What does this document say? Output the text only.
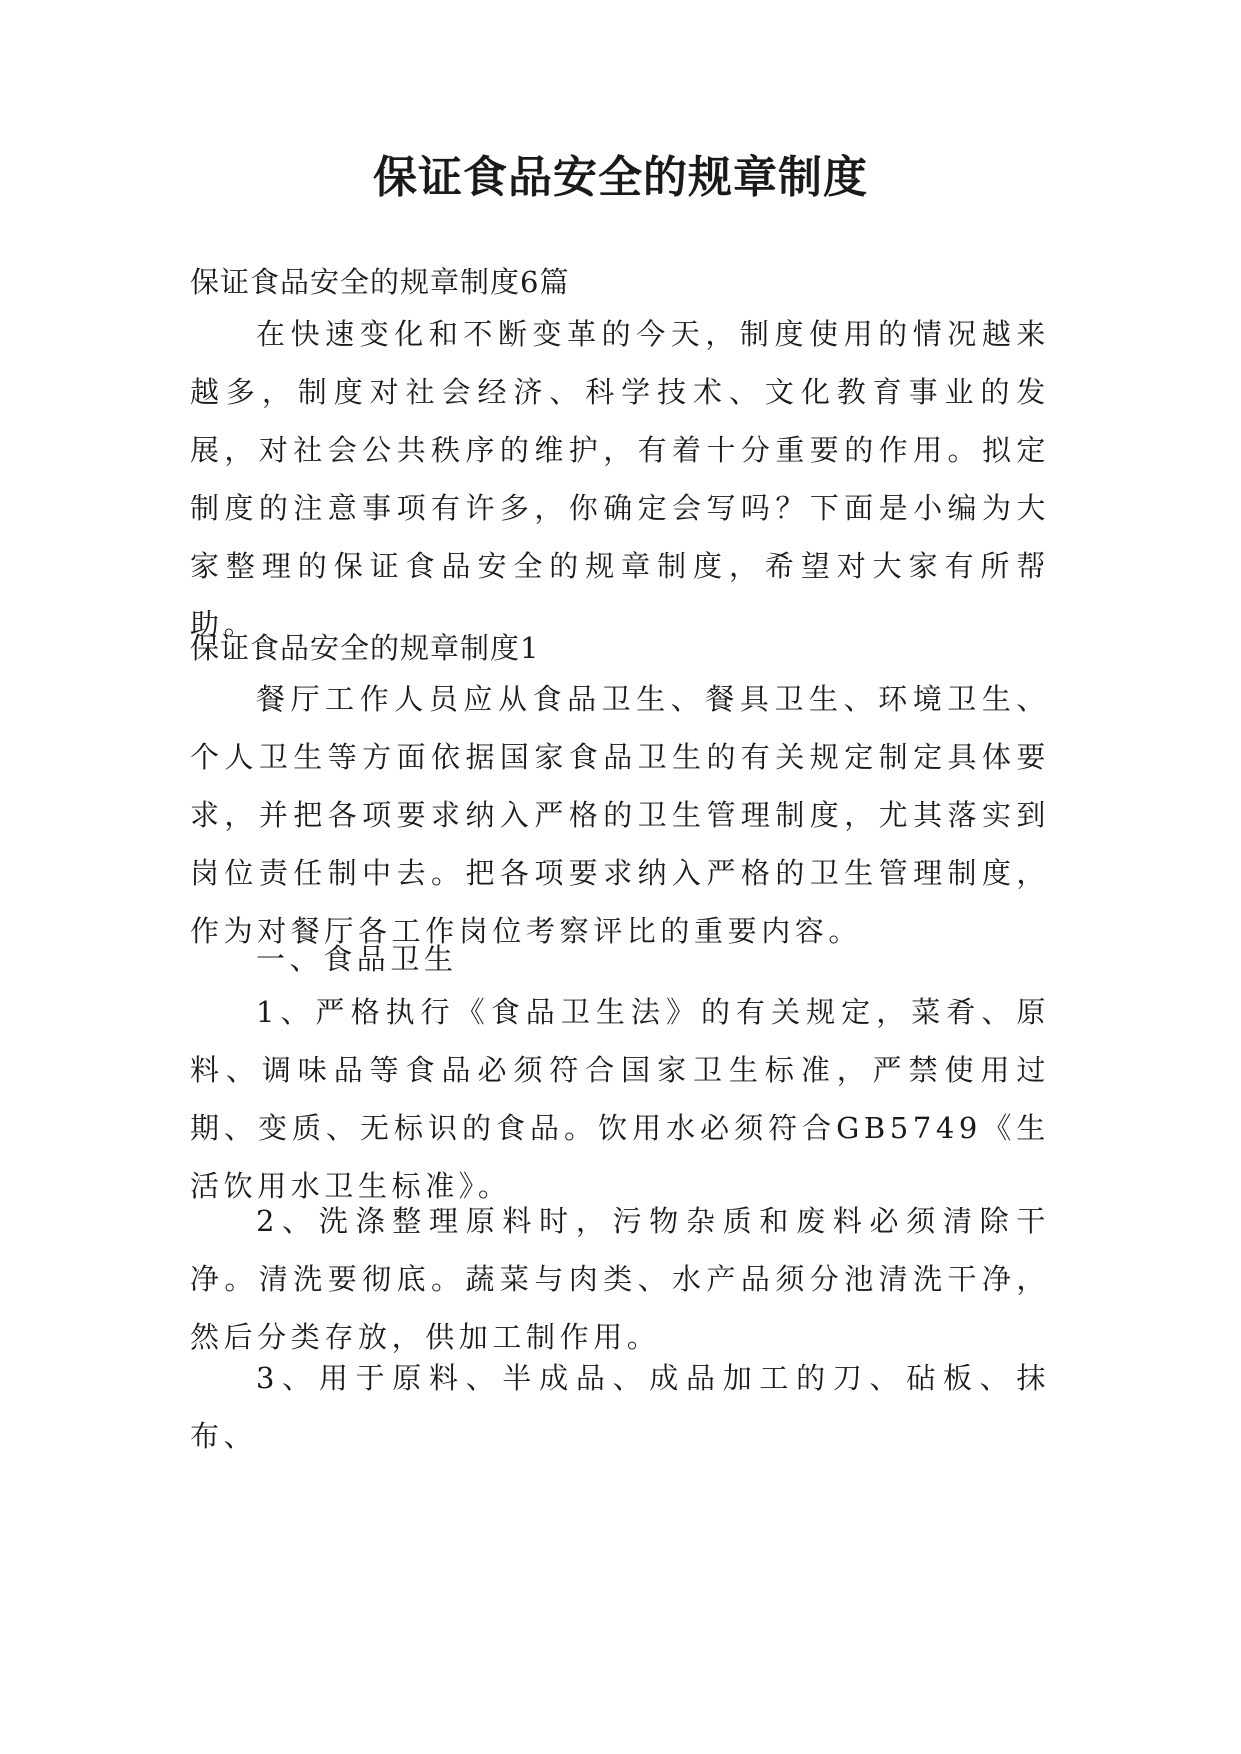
保证食品安全的规章制度

保证食品安全的规章制度6篇

在快速变化和不断变革的今天，制度使用的情况越来越多，制度对社会经济、科学技术、文化教育事业的发展，对社会公共秩序的维护，有着十分重要的作用。拟定制度的注意事项有许多，你确定会写吗？下面是小编为大家整理的保证食品安全的规章制度，希望对大家有所帮助。

保证食品安全的规章制度1

餐厅工作人员应从食品卫生、餐具卫生、环境卫生、个人卫生等方面依据国家食品卫生的有关规定制定具体要求，并把各项要求纳入严格的卫生管理制度，尤其落实到岗位责任制中去。把各项要求纳入严格的卫生管理制度，作为对餐厅各工作岗位考察评比的重要内容。

一、食品卫生

1、严格执行《食品卫生法》的有关规定，菜肴、原料、调味品等食品必须符合国家卫生标准，严禁使用过期、变质、无标识的食品。饮用水必须符合GB5749《生活饮用水卫生标准》。

2、洗涤整理原料时，污物杂质和废料必须清除干净。清洗要彻底。蔬菜与肉类、水产品须分池清洗干净，然后分类存放，供加工制作用。

3、用于原料、半成品、成品加工的刀、砧板、抹布、
